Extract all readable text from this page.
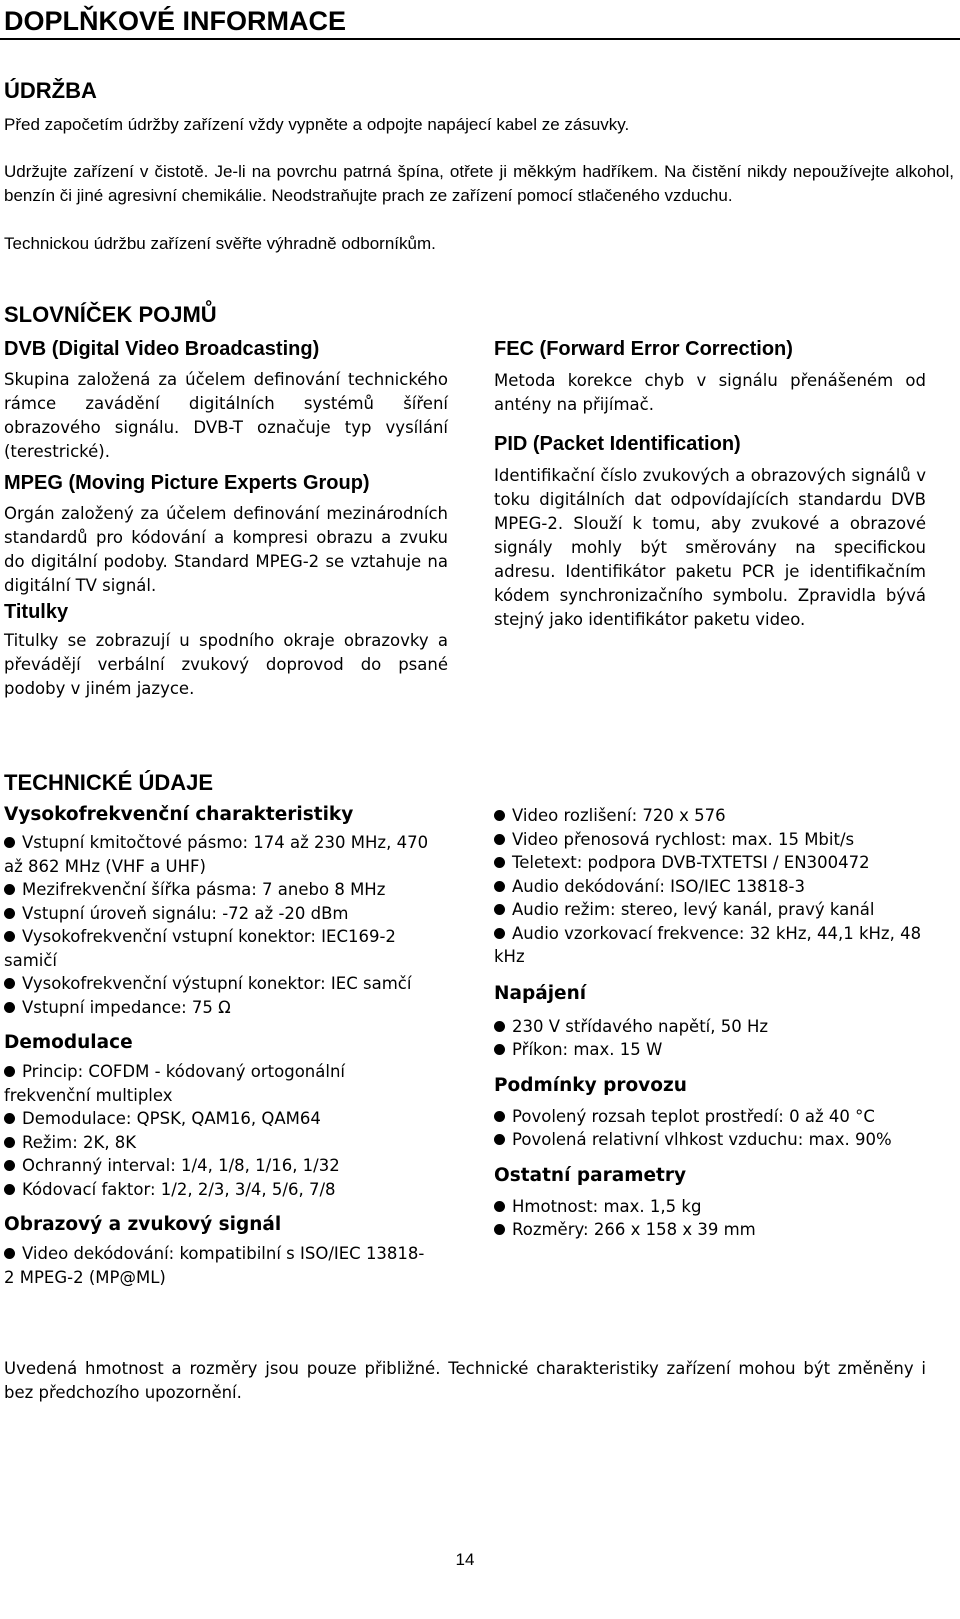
DOPLŇKOVÉ INFORMACE
ÚDRŽBA
Před započetím údržby zařízení vždy vypněte a odpojte napájecí kabel ze zásuvky.
Udržujte zařízení v čistotě. Je-li na povrchu patrná špína, otřete ji měkkým hadříkem. Na čistění nikdy nepoužívejte alkohol, benzín či jiné agresivní chemikálie. Neodstraňujte prach ze zařízení pomocí stlačeného vzduchu.
Technickou údržbu zařízení svěřte výhradně odborníkům.
SLOVNÍČEK POJMŮ
DVB (Digital Video Broadcasting)
Skupina založená za účelem definování technického rámce zavádění digitálních systémů šíření obrazového signálu. DVB-T označuje typ vysílání (terestrické).
MPEG (Moving Picture Experts Group)
Orgán založený za účelem definování mezinárodních standardů pro kódování a kompresi obrazu a zvuku do digitální podoby. Standard MPEG-2 se vztahuje na digitální TV signál.
Titulky
Titulky se zobrazují u spodního okraje obrazovky a převádějí verbální zvukový doprovod do psané podoby v jiném jazyce.
FEC (Forward Error Correction)
Metoda korekce chyb v signálu přenášeném od antény na přijímač.
PID (Packet Identification)
Identifikační číslo zvukových a obrazových signálů v toku digitálních dat odpovídajících standardu DVB MPEG-2. Slouží k tomu, aby zvukové a obrazové signály mohly být směrovány na specifickou adresu. Identifikátor paketu PCR je identifikačním kódem synchronizačního symbolu. Zpravidla bývá stejný jako identifikátor paketu video.
TECHNICKÉ ÚDAJE
Vysokofrekvenční charakteristiky
Vstupní kmitočtové pásmo: 174 až 230 MHz, 470 až 862 MHz (VHF a UHF)
Mezifrekvenční šířka pásma: 7 anebo 8 MHz
Vstupní úroveň signálu: -72 až -20 dBm
Vysokofrekvenční vstupní konektor: IEC169-2 samičí
Vysokofrekvenční výstupní konektor: IEC samčí
Vstupní impedance: 75 Ω
Demodulace
Princip: COFDM - kódovaný ortogonální frekvenční multiplex
Demodulace: QPSK, QAM16, QAM64
Režim: 2K, 8K
Ochranný interval: 1/4, 1/8, 1/16, 1/32
Kódovací faktor: 1/2, 2/3, 3/4, 5/6, 7/8
Obrazový a zvukový signál
Video dekódování: kompatibilní s ISO/IEC 13818-2 MPEG-2 (MP@ML)
Video rozlišení: 720 x 576
Video přenosová rychlost: max. 15 Mbit/s
Teletext: podpora DVB-TXTETSI / EN300472
Audio dekódování: ISO/IEC 13818-3
Audio režim: stereo, levý kanál, pravý kanál
Audio vzorkovací frekvence: 32 kHz, 44,1 kHz, 48 kHz
Napájení
230 V střídavého napětí, 50 Hz
Příkon: max. 15 W
Podmínky provozu
Povolený rozsah teplot prostředí: 0 až 40 °C
Povolená relativní vlhkost vzduchu: max. 90%
Ostatní parametry
Hmotnost: max. 1,5 kg
Rozměry: 266 x 158 x 39 mm
Uvedená hmotnost a rozměry jsou pouze přibližné. Technické charakteristiky zařízení mohou být změněny i bez předchozího upozornění.
14
